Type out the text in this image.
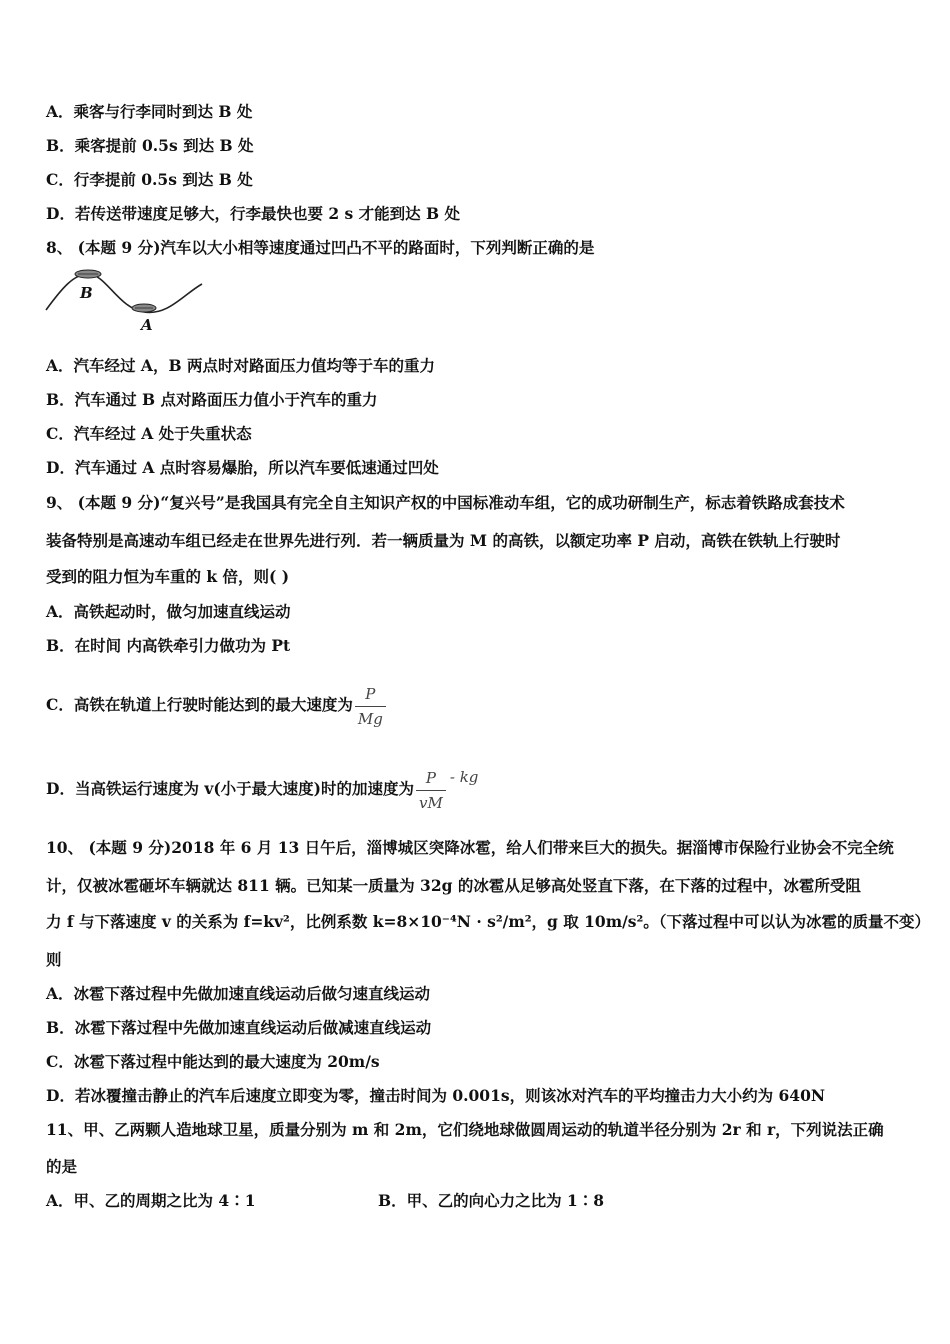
A．乘客与行李同时到达 B 处
B．乘客提前 0.5s 到达 B 处
C．行李提前 0.5s 到达 B 处
D．若传送带速度足够大，行李最快也要 2 s 才能到达 B 处
8、 (本题 9 分)汽车以大小相等速度通过凹凸不平的路面时，下列判断正确的是
B
A
A．汽车经过 A，B 两点时对路面压力值均等于车的重力
B．汽车通过 B 点对路面压力值小于汽车的重力
C．汽车经过 A 处于失重状态
D．汽车通过 A 点时容易爆胎，所以汽车要低速通过凹处
9、 (本题 9 分)“复兴号”是我国具有完全自主知识产权的中国标准动车组，它的成功研制生产，标志着铁路成套技术
装备特别是高速动车组已经走在世界先进行列．若一辆质量为 M 的高铁，以额定功率 P 启动，高铁在铁轨上行驶时
受到的阻力恒为车重的 k 倍，则( )
A．高铁起动时，做匀加速直线运动
B．在时间 内高铁牵引力做功为 Pt
C．高铁在轨道上行驶时能达到的最大速度为 $\frac{P}{Mg}$
D．当高铁运行速度为 v(小于最大速度)时的加速度为 $\frac{P}{vM}$ - kg
10、 (本题 9 分)2018 年 6 月 13 日午后，淄博城区突降冰雹，给人们带来巨大的损失。据淄博市保险行业协会不完全统
计，仅被冰雹砸坏车辆就达 811 辆。已知某一质量为 32g 的冰雹从足够高处竖直下落，在下落的过程中，冰雹所受阻
力 f 与下落速度 v 的关系为 f=kv²，比例系数 k=8×10⁻⁴N · s²/m²，g 取 10m/s²。（下落过程中可以认为冰雹的质量不变）
则
A．冰雹下落过程中先做加速直线运动后做匀速直线运动
B．冰雹下落过程中先做加速直线运动后做减速直线运动
C．冰雹下落过程中能达到的最大速度为 20m/s
D．若冰覆撞击静止的汽车后速度立即变为零，撞击时间为 0.001s，则该冰对汽车的平均撞击力大小约为 640N
11、甲、乙两颗人造地球卫星，质量分别为 m 和 2m，它们绕地球做圆周运动的轨道半径分别为 2r 和 r，下列说法正确
的是
A．甲、乙的周期之比为 4∶1	B．甲、乙的向心力之比为 1∶8
